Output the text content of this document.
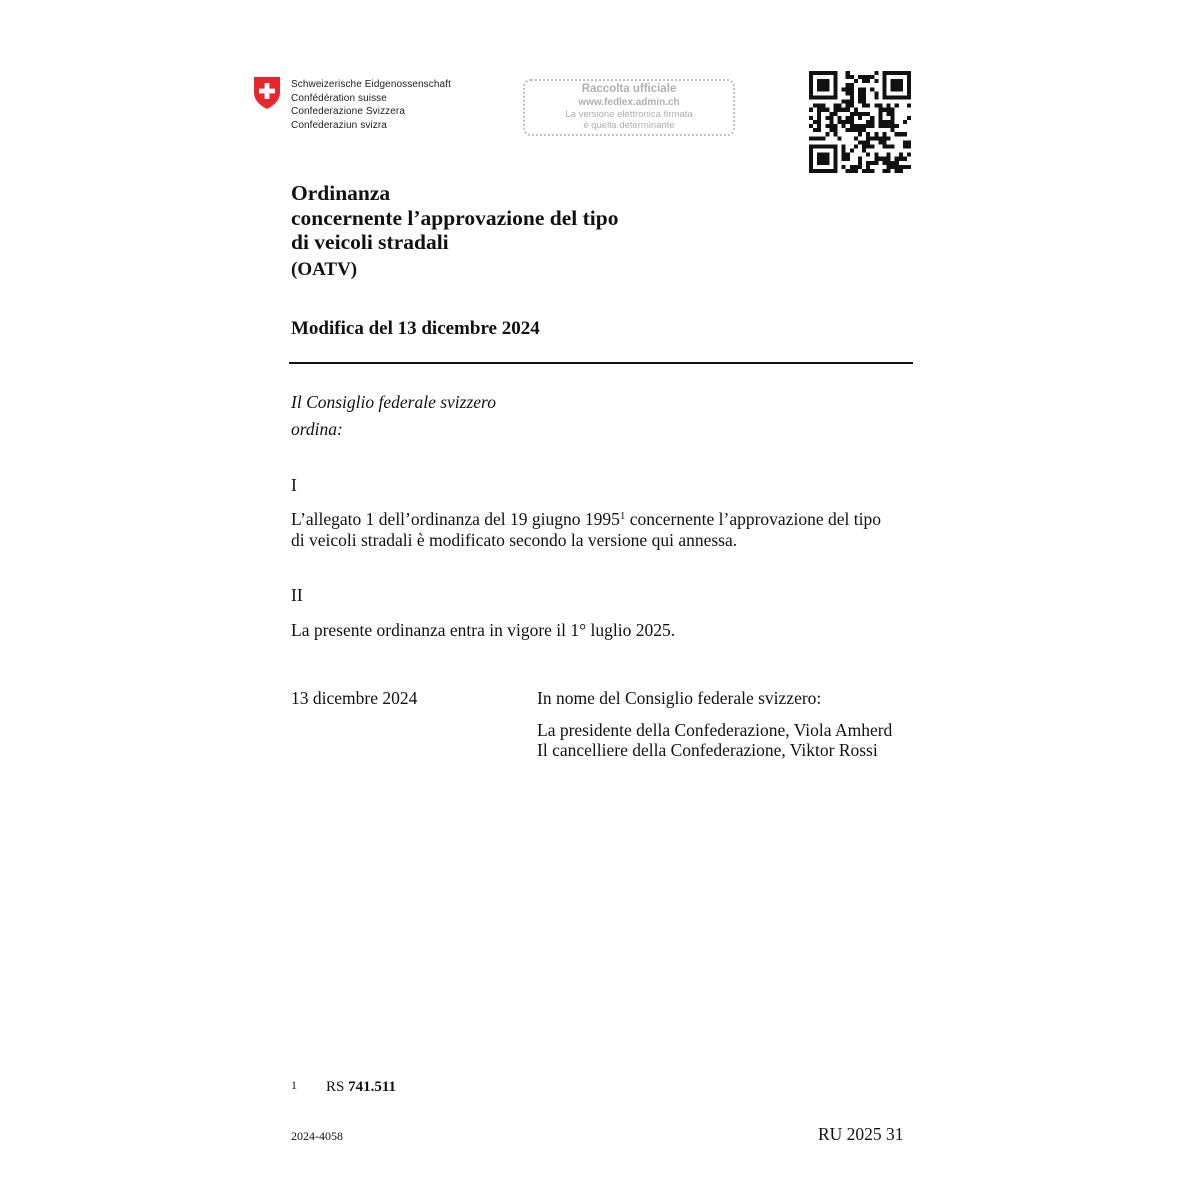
Schweizerische Eidgenossenschaft
Confédération suisse
Confederazione Svizzera
Confederaziun svizra
Raccolta ufficiale
www.fedlex.admin.ch
La versione elettronica firmata
è quella determinante
Ordinanza
concernente l’approvazione del tipo
di veicoli stradali
(OATV)
Modifica del 13 dicembre 2024
Il Consiglio federale svizzero
ordina:
I
L’allegato 1 dell’ordinanza del 19 giugno 1995$^1$ concernente l’approvazione del tipo
di veicoli stradali è modificato secondo la versione qui annessa.
II
La presente ordinanza entra in vigore il 1° luglio 2025.
13 dicembre 2024	In nome del Consiglio federale svizzero:
La presidente della Confederazione, Viola Amherd
Il cancelliere della Confederazione, Viktor Rossi
1 RS 741.511
2024-4058	RU 2025 31
